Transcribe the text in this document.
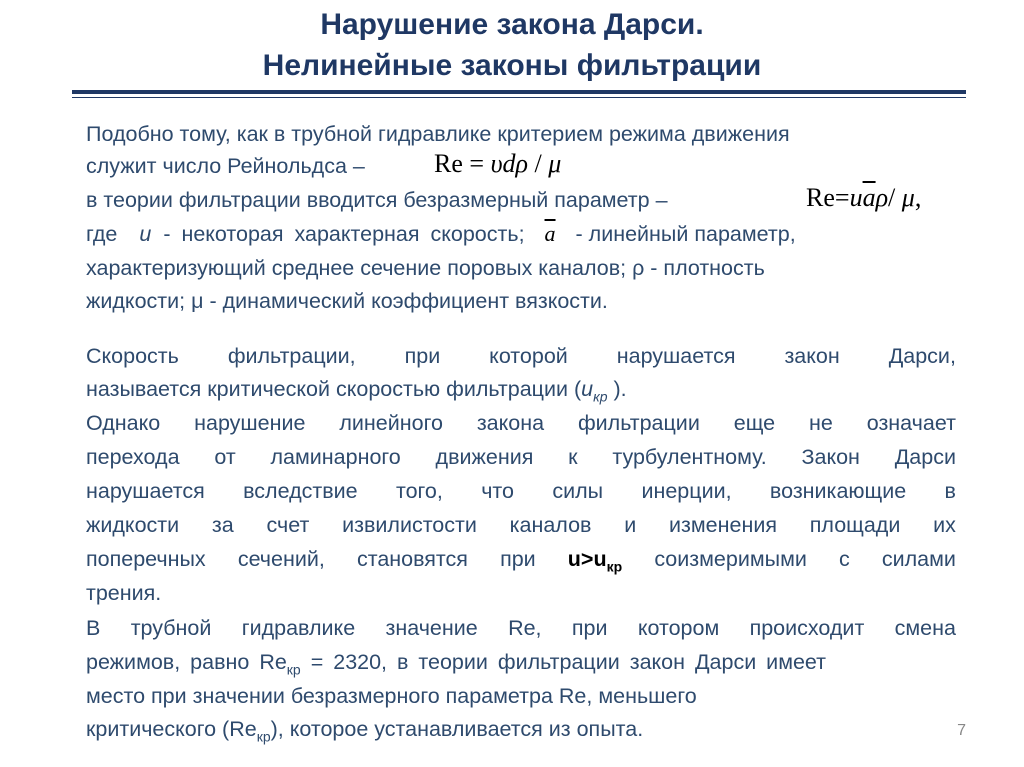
Нарушение закона Дарси.
Нелинейные законы фильтрации
Подобно тому, как в трубной гидравлике критерием режима движения
служит число Рейнольдса –	Re = υdρ / μ
в теории фильтрации вводится безразмерный параметр –	$Re=u\overline{a}\rho/$ μ,
где u - некоторая характерная скорость; $\overline{a}$ - линейный параметр,
характеризующий среднее сечение поровых каналов; ρ - плотность
жидкости; μ - динамический коэффициент вязкости.
Скорость фильтрации, при которой нарушается закон Дарси,
называется критической скоростью фильтрации ($u_{кр}$ ).
Однако нарушение линейного закона фильтрации еще не означает
перехода от ламинарного движения к турбулентному. Закон Дарси
нарушается вследствие того, что силы инерции, возникающие в
жидкости за счет извилистости каналов и изменения площади их
поперечных сечений, становятся при $u>u_{кр}$ соизмеримыми с силами
трения.
В трубной гидравлике значение Re, при котором происходит смена
режимов, равно $Re_{кр} = 2320$, в теории фильтрации закон Дарси имеет
место при значении безразмерного параметра Re, меньшего
критического $(Re_{кр})$, которое устанавливается из опыта.	7
